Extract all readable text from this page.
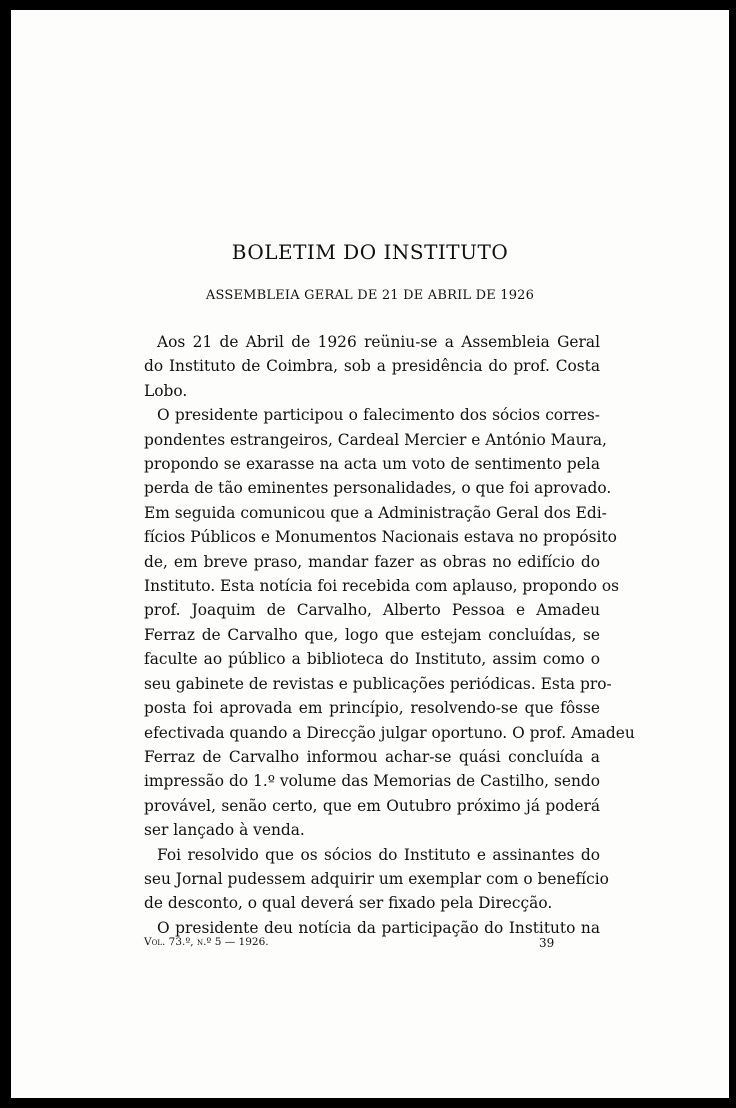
BOLETIM DO INSTITUTO
ASSEMBLEIA GERAL DE 21 DE ABRIL DE 1926
Aos 21 de Abril de 1926 reüniu-se a Assembleia Geral
do Instituto de Coimbra, sob a presidência do prof. Costa
Lobo.
O presidente participou o falecimento dos sócios corres-
pondentes estrangeiros, Cardeal Mercier e António Maura,
propondo se exarasse na acta um voto de sentimento pela
perda de tão eminentes personalidades, o que foi aprovado.
Em seguida comunicou que a Administração Geral dos Edi-
fícios Públicos e Monumentos Nacionais estava no propósito
de, em breve praso, mandar fazer as obras no edifício do
Instituto. Esta notícia foi recebida com aplauso, propondo os
prof. Joaquim de Carvalho, Alberto Pessoa e Amadeu
Ferraz de Carvalho que, logo que estejam concluídas, se
faculte ao público a biblioteca do Instituto, assim como o
seu gabinete de revistas e publicações periódicas. Esta pro-
posta foi aprovada em princípio, resolvendo-se que fôsse
efectivada quando a Direcção julgar oportuno. O prof. Amadeu
Ferraz de Carvalho informou achar-se quási concluída a
impressão do 1.º volume das Memorias de Castilho, sendo
provável, senão certo, que em Outubro próximo já poderá
ser lançado à venda.
Foi resolvido que os sócios do Instituto e assinantes do
seu Jornal pudessem adquirir um exemplar com o benefício
de desconto, o qual deverá ser fixado pela Direcção.
O presidente deu notícia da participação do Instituto na
Vol. 73.º, n.º 5 — 1926.	39
